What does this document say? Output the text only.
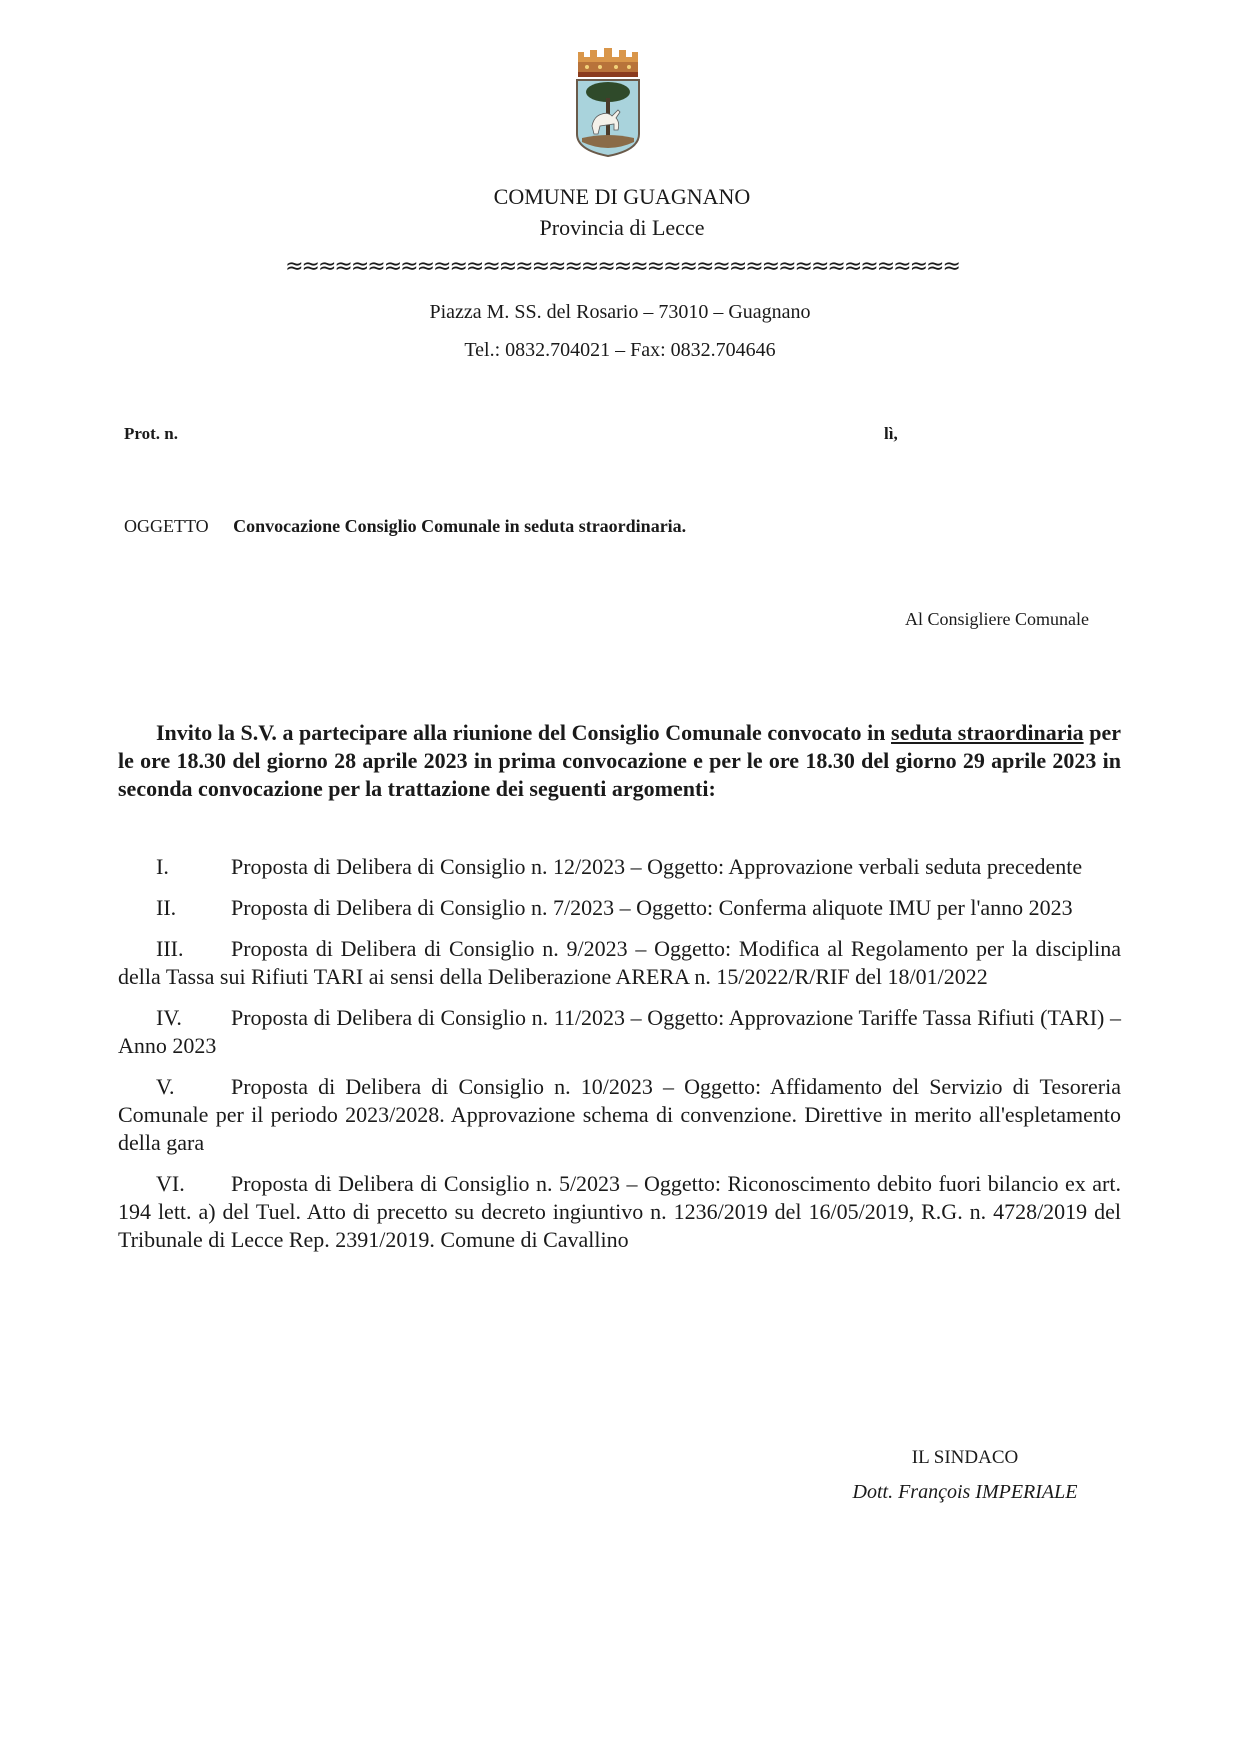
COMUNE DI GUAGNANO
Provincia di Lecce
≈≈≈≈≈≈≈≈≈≈≈≈≈≈≈≈≈≈≈≈≈≈≈≈≈≈≈≈≈≈≈≈≈≈≈≈≈≈≈≈≈
Piazza M. SS. del Rosario – 73010 – Guagnano
Tel.: 0832.704021 – Fax: 0832.704646
Prot. n.	lì,
OGGETTO Convocazione Consiglio Comunale in seduta straordinaria.
Al Consigliere Comunale

Invito la S.V. a partecipare alla riunione del Consiglio Comunale convocato in seduta straordinaria per le ore 18.30 del giorno 28 aprile 2023 in prima convocazione e per le ore 18.30 del giorno 29 aprile 2023 in seconda convocazione per la trattazione dei seguenti argomenti:

I.	Proposta di Delibera di Consiglio n. 12/2023 – Oggetto: Approvazione verbali seduta precedente
II. Proposta di Delibera di Consiglio n. 7/2023 – Oggetto: Conferma aliquote IMU per l'anno 2023
III. Proposta di Delibera di Consiglio n. 9/2023 – Oggetto: Modifica al Regolamento per la disciplina della Tassa sui Rifiuti TARI ai sensi della Deliberazione ARERA n. 15/2022/R/RIF del 18/01/2022
IV. Proposta di Delibera di Consiglio n. 11/2023 – Oggetto: Approvazione Tariffe Tassa Rifiuti (TARI) – Anno 2023
V.	Proposta di Delibera di Consiglio n. 10/2023 – Oggetto: Affidamento del Servizio di Tesoreria Comunale per il periodo 2023/2028. Approvazione schema di convenzione. Direttive in merito all'espletamento della gara
VI. Proposta di Delibera di Consiglio n. 5/2023 – Oggetto: Riconoscimento debito fuori bilancio ex art. 194 lett. a) del Tuel. Atto di precetto su decreto ingiuntivo n. 1236/2019 del 16/05/2019, R.G. n. 4728/2019 del Tribunale di Lecce Rep. 2391/2019. Comune di Cavallino
IL SINDACO
Dott. François IMPERIALE
